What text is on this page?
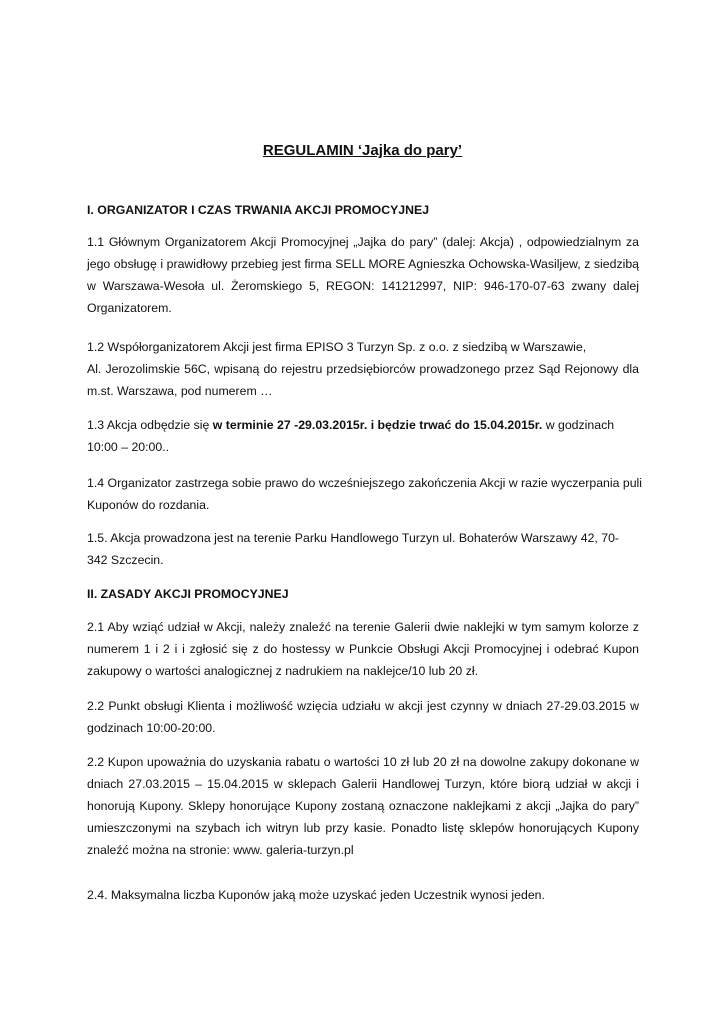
REGULAMIN ‘Jajka do pary’
I. ORGANIZATOR I CZAS TRWANIA AKCJI PROMOCYJNEJ
1.1 Głównym Organizatorem Akcji Promocyjnej „Jajka do pary” (dalej: Akcja) , odpowiedzialnym za
jego obsługę i prawidłowy przebieg jest firma SELL MORE Agnieszka Ochowska-Wasiljew, z siedzibą
w Warszawa-Wesoła ul. Żeromskiego 5, REGON: 141212997, NIP: 946-170-07-63 zwany dalej
Organizatorem.
1.2 Współorganizatorem Akcji jest firma EPISO 3 Turzyn Sp. z o.o. z siedzibą w Warszawie,
Al. Jerozolimskie 56C, wpisaną do rejestru przedsiębiorców prowadzonego przez Sąd Rejonowy dla
m.st. Warszawa, pod numerem …
1.3 Akcja odbędzie się w terminie 27 -29.03.2015r. i będzie trwać do 15.04.2015r. w godzinach
10:00 – 20:00..
1.4 Organizator zastrzega sobie prawo do wcześniejszego zakończenia Akcji w razie wyczerpania puli
Kuponów do rozdania.
1.5. Akcja prowadzona jest na terenie Parku Handlowego Turzyn ul. Bohaterów Warszawy 42, 70-
342 Szczecin.
II. ZASADY AKCJI PROMOCYJNEJ
2.1 Aby wziąć udział w Akcji, należy znaleźć na terenie Galerii dwie naklejki w tym samym kolorze z
numerem 1 i 2 i i zgłosić się z do hostessy w Punkcie Obsługi Akcji Promocyjnej i odebrać Kupon
zakupowy o wartości analogicznej z nadrukiem na naklejce/10 lub 20 zł.
2.2 Punkt obsługi Klienta i możliwość wzięcia udziału w akcji jest czynny w dniach 27-29.03.2015 w
godzinach 10:00-20:00.
2.2 Kupon upoważnia do uzyskania rabatu o wartości 10 zł lub 20 zł na dowolne zakupy dokonane w
dniach 27.03.2015 – 15.04.2015 w sklepach Galerii Handlowej Turzyn, które biorą udział w akcji i
honorują Kupony. Sklepy honorujące Kupony zostaną oznaczone naklejkami z akcji „Jajka do pary”
umieszczonymi na szybach ich witryn lub przy kasie. Ponadto listę sklepów honorujących Kupony
znaleźć można na stronie: www. galeria-turzyn.pl
2.4. Maksymalna liczba Kuponów jaką może uzyskać jeden Uczestnik wynosi jeden.
